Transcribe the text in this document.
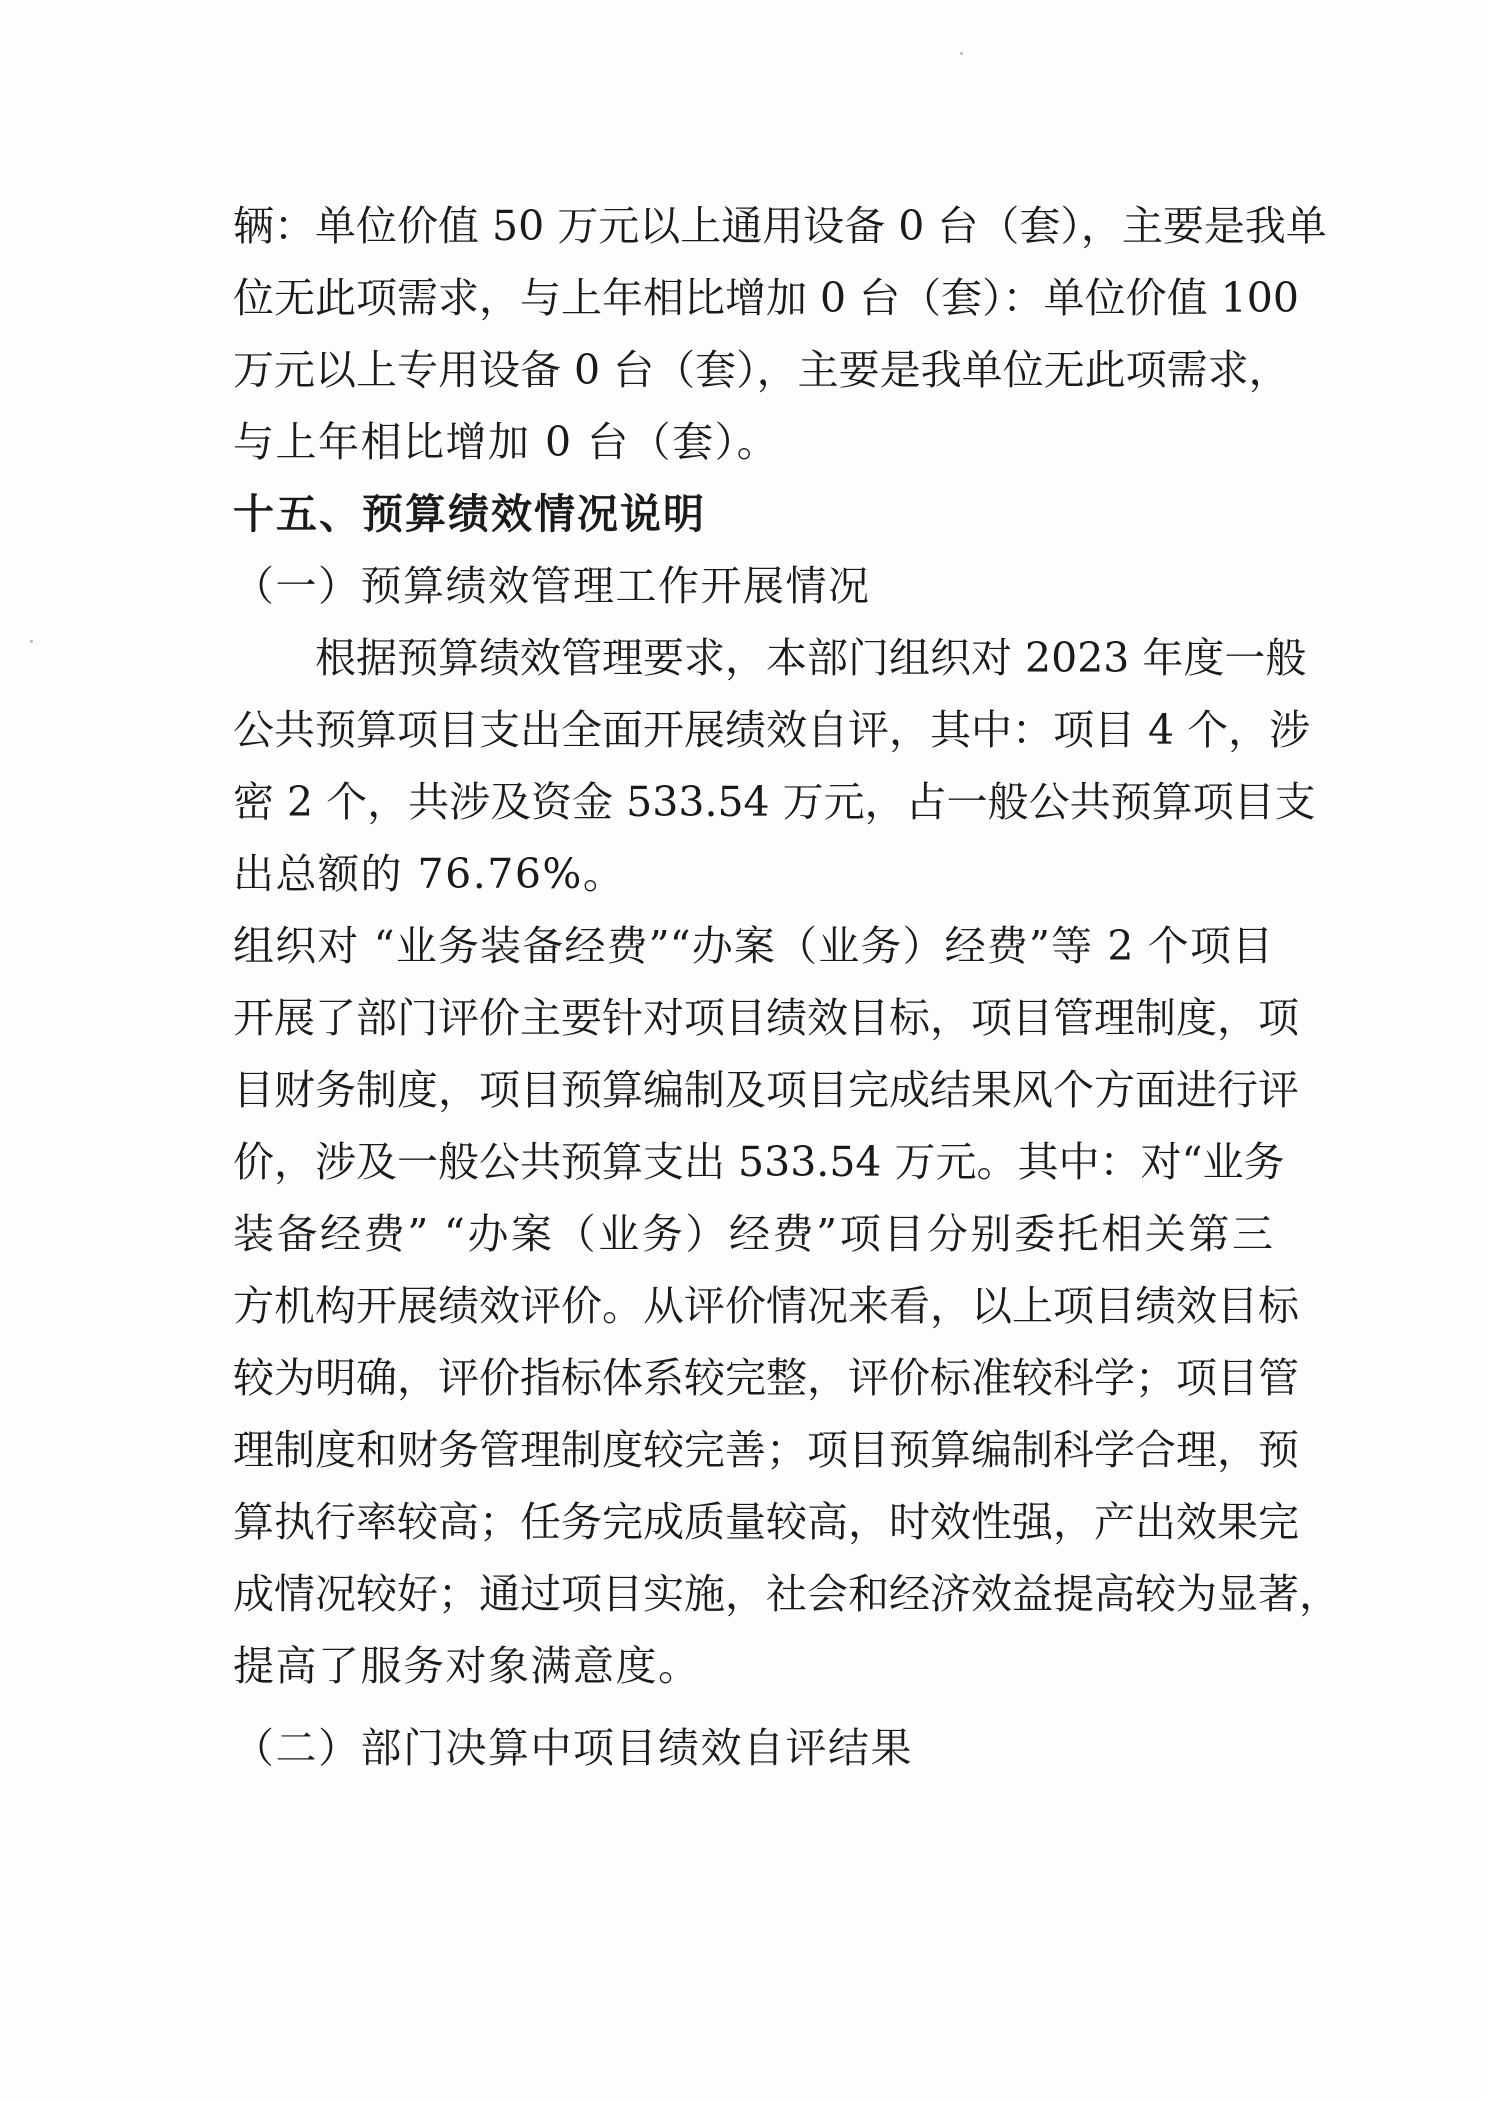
辆：单位价值 50 万元以上通用设备 0 台（套），主要是我单
位无此项需求，与上年相比增加 0 台（套）：单位价值 100
万元以上专用设备 0 台（套），主要是我单位无此项需求，
与上年相比增加 0 台（套）。
十五、预算绩效情况说明
（一）预算绩效管理工作开展情况
根据预算绩效管理要求，本部门组织对 2023 年度一般
公共预算项目支出全面开展绩效自评，其中：项目 4 个，涉
密 2 个，共涉及资金 533.54 万元，占一般公共预算项目支
出总额的 76.76%。
组织对 “业务装备经费”“办案（业务）经费”等 2 个项目
开展了部门评价主要针对项目绩效目标，项目管理制度，项
目财务制度，项目预算编制及项目完成结果风个方面进行评
价，涉及一般公共预算支出 533.54 万元。其中：对“业务
装备经费” “办案（业务）经费”项目分别委托相关第三
方机构开展绩效评价。从评价情况来看，以上项目绩效目标
较为明确，评价指标体系较完整，评价标准较科学；项目管
理制度和财务管理制度较完善；项目预算编制科学合理，预
算执行率较高；任务完成质量较高，时效性强，产出效果完
成情况较好；通过项目实施，社会和经济效益提高较为显著，
提高了服务对象满意度。
（二）部门决算中项目绩效自评结果
